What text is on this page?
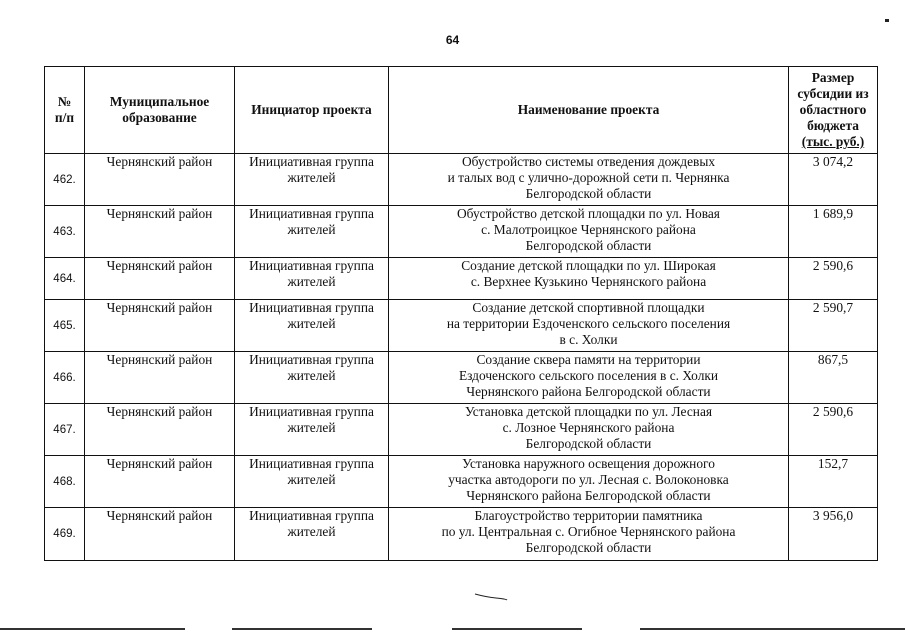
64
№
п/п	Муниципальное
образование	Инициатор проекта	Наименование проекта	Размер
субсидии из
областного
бюджета
(тыс. руб.)

462.	Чернянский район	Инициативная группа
жителей	Обустройство системы отведения дождевых
и талых вод с улично-дорожной сети п. Чернянка
Белгородской области	3 074,2
463.	Чернянский район	Инициативная группа
жителей	Обустройство детской площадки по ул. Новая
с. Малотроицкое Чернянского района
Белгородской области	1 689,9
464.	Чернянский район	Инициативная группа
жителей	Создание детской площадки по ул. Широкая
с. Верхнее Кузькино Чернянского района	2 590,6
465.	Чернянский район	Инициативная группа
жителей	Создание детской спортивной площадки
на территории Ездоченского сельского поселения
в с. Холки	2 590,7
466.	Чернянский район	Инициативная группа
жителей	Создание сквера памяти на территории
Ездоченского сельского поселения в с. Холки
Чернянского района Белгородской области	867,5
467.	Чернянский район	Инициативная группа
жителей	Установка детской площадки по ул. Лесная
с. Лозное Чернянского района
Белгородской области	2 590,6
468.	Чернянский район	Инициативная группа
жителей	Установка наружного освещения дорожного
участка автодороги по ул. Лесная с. Волоконовка
Чернянского района Белгородской области	152,7
469.	Чернянский район	Инициативная группа
жителей	Благоустройство территории памятника
по ул. Центральная с. Огибное Чернянского района
Белгородской области	3 956,0
